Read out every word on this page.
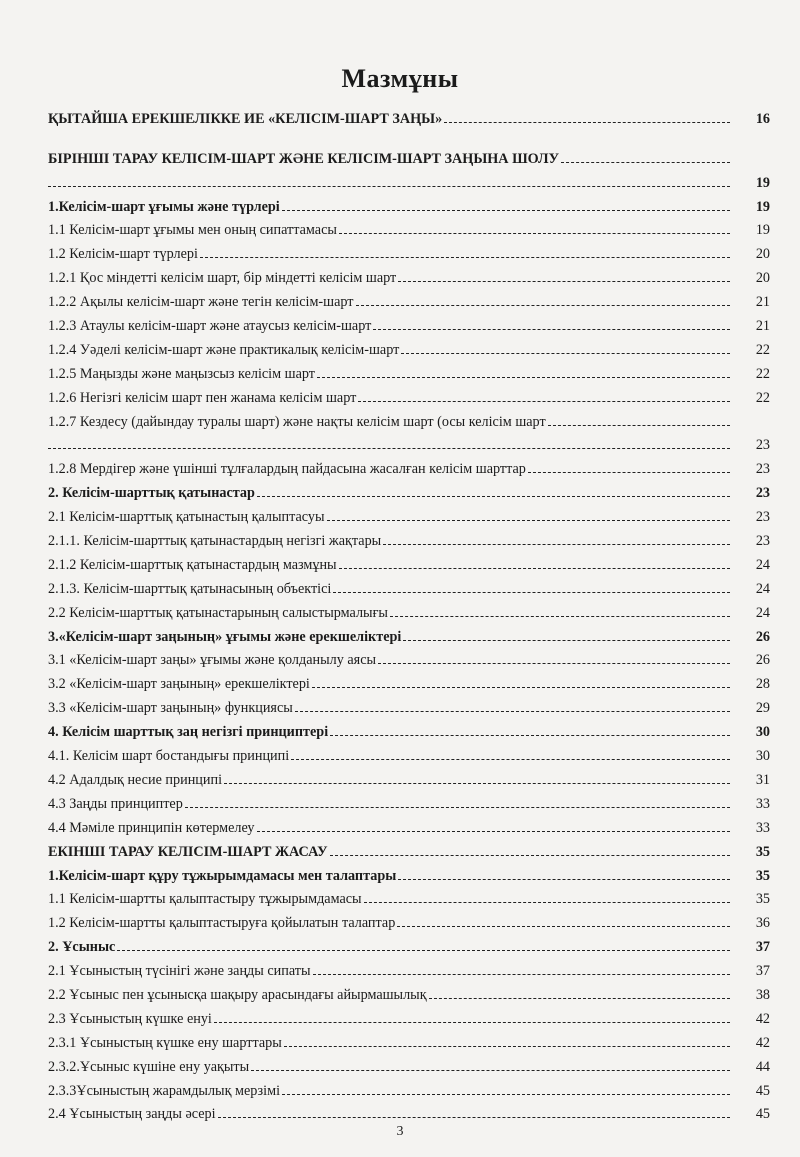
Мазмұны
ҚЫТАЙША ЕРЕКШЕЛІККЕ ИЕ «КЕЛІСІМ-ШАРТ ЗАҢЫ»	16
БІРІНШІ ТАРАУ КЕЛІСІМ-ШАРТ ЖӘНЕ КЕЛІСІМ-ШАРТ ЗАҢЫНА ШОЛУ
19
1.Келісім-шарт ұғымы және түрлері	19
1.1 Келісім-шарт ұғымы мен оның сипаттамасы	19
1.2 Келісім-шарт түрлері	20
1.2.1 Қос міндетті келісім шарт, бір міндетті келісім шарт	20
1.2.2 Ақылы келісім-шарт және тегін келісім-шарт	21
1.2.3 Атаулы келісім-шарт және атаусыз келісім-шарт	21
1.2.4 Уәделі келісім-шарт және практикалық келісім-шарт	22
1.2.5 Маңызды және маңызсыз келісім шарт	22
1.2.6 Негізгі келісім шарт пен жанама келісім шарт	22
1.2.7 Кездесу (дайындау туралы шарт) және нақты келісім шарт (осы келісім шарт
23
1.2.8 Мердігер және үшінші тұлғалардың пайдасына жасалған келісім шарттар	23
2. Келісім-шарттық қатынастар	23
2.1 Келісім-шарттық қатынастың қалыптасуы	23
2.1.1. Келісім-шарттық қатынастардың негізгі жақтары	23
2.1.2 Келісім-шарттық қатынастардың мазмұны	24
2.1.3. Келісім-шарттық қатынасының объектісі	24
2.2 Келісім-шарттық қатынастарының салыстырмалығы	24
3.«Келісім-шарт заңының» ұғымы және ерекшеліктері	26
3.1 «Келісім-шарт заңы» ұғымы және қолданылу аясы	26
3.2 «Келісім-шарт заңының» ерекшеліктері	28
3.3 «Келісім-шарт заңының» функциясы	29
4. Келісім шарттық заң негізгі принциптері	30
4.1. Келісім шарт бостандығы принципі	30
4.2 Адалдық несие принципі	31
4.3 Заңды принциптер	33
4.4 Мәміле принципін көтермелеу	33
ЕКІНШІ ТАРАУ КЕЛІСІМ-ШАРТ ЖАСАУ	35
1.Келісім-шарт құру тұжырымдамасы мен талаптары	35
1.1 Келісім-шартты қалыптастыру тұжырымдамасы	35
1.2 Келісім-шартты қалыптастыруға қойылатын талаптар	36
2. Ұсыныс	37
2.1 Ұсыныстың түсінігі және заңды сипаты	37
2.2 Ұсыныс пен ұсынысқа шақыру арасындағы айырмашылық	38
2.3 Ұсыныстың күшке енуі	42
2.3.1 Ұсыныстың күшке ену шарттары	42
2.3.2.Ұсыныс күшіне ену уақыты	44
2.3.3Ұсыныстың жарамдылық мерзімі	45
2.4 Ұсыныстың заңды әсері	45
3
